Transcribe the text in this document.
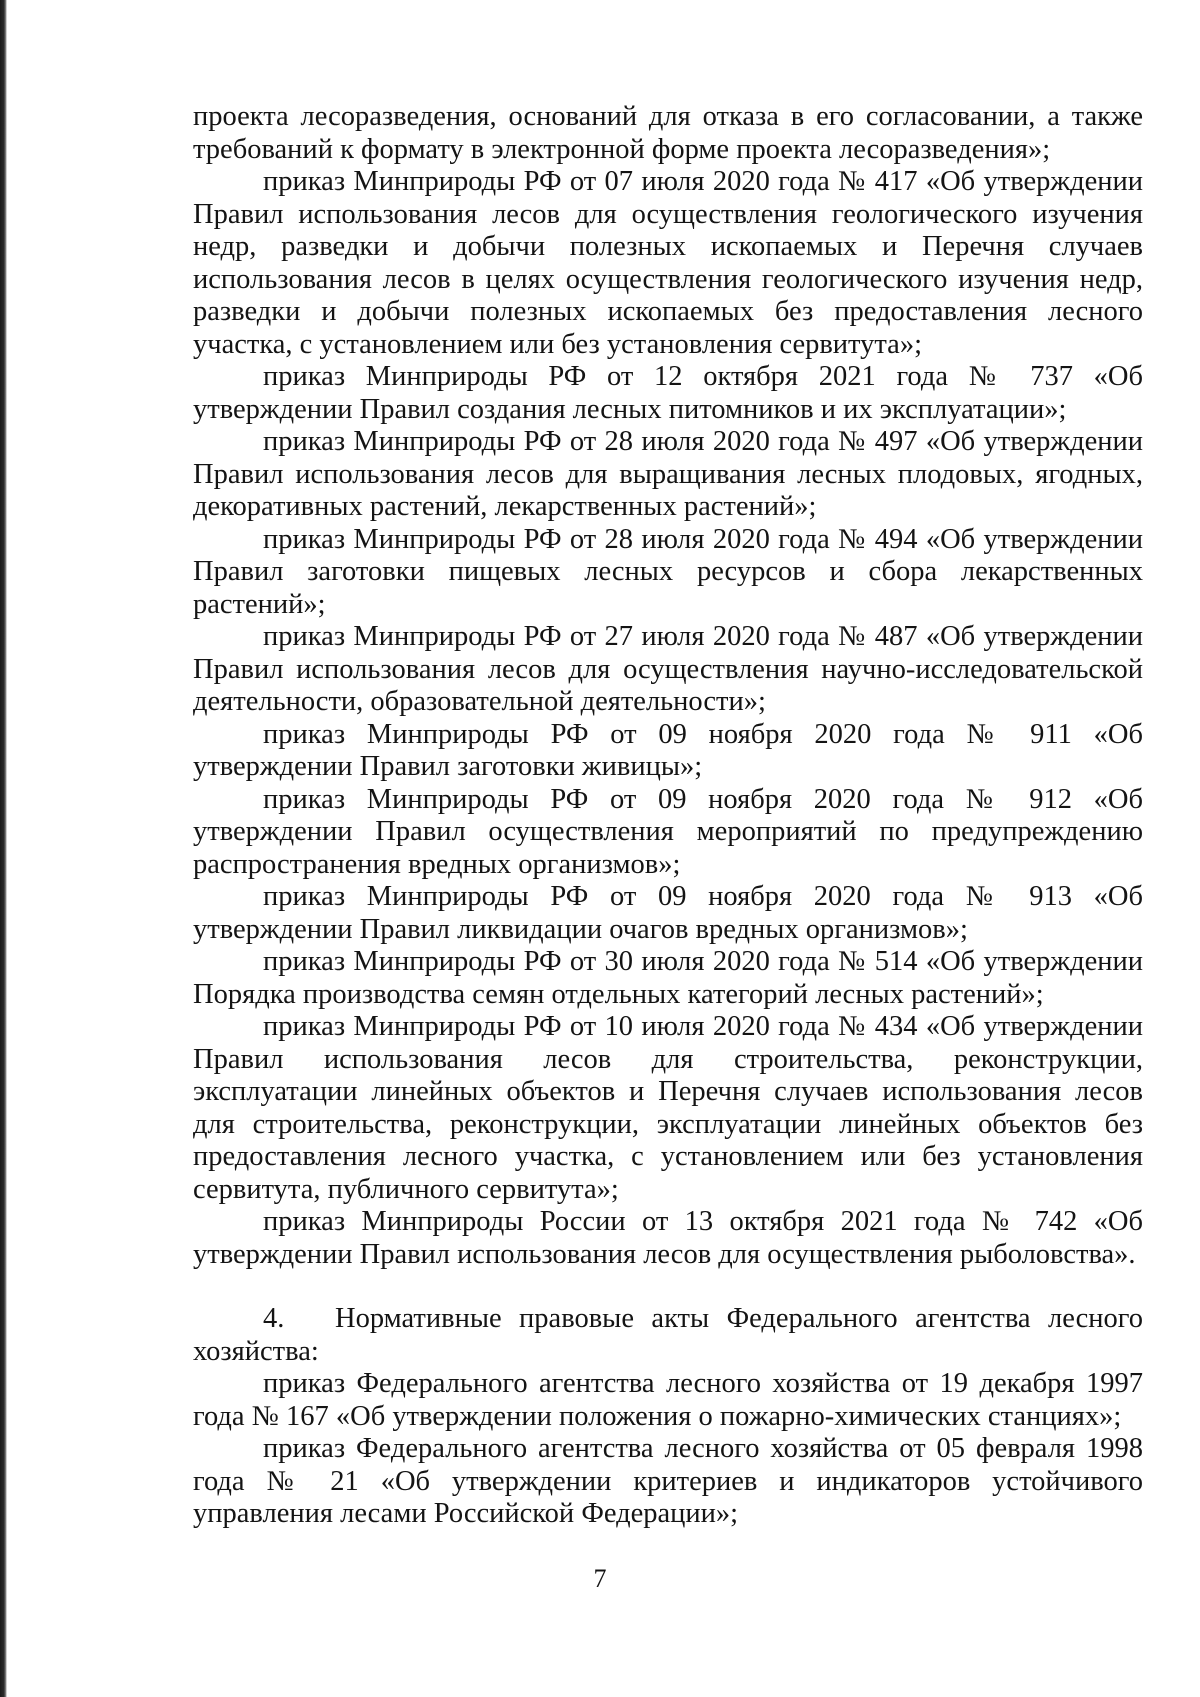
проекта лесоразведения, оснований для отказа в его согласовании, а также требований к формату в электронной форме проекта лесоразведения»;

приказ Минприроды РФ от 07 июля 2020 года № 417 «Об утверждении Правил использования лесов для осуществления геологического изучения недр, разведки и добычи полезных ископаемых и Перечня случаев использования лесов в целях осуществления геологического изучения недр, разведки и добычи полезных ископаемых без предоставления лесного участка, с установлением или без установления сервитута»;

приказ Минприроды РФ от 12 октября 2021 года № 737 «Об утверждении Правил создания лесных питомников и их эксплуатации»;

приказ Минприроды РФ от 28 июля 2020 года № 497 «Об утверждении Правил использования лесов для выращивания лесных плодовых, ягодных, декоративных растений, лекарственных растений»;

приказ Минприроды РФ от 28 июля 2020 года № 494 «Об утверждении Правил заготовки пищевых лесных ресурсов и сбора лекарственных растений»;

приказ Минприроды РФ от 27 июля 2020 года № 487 «Об утверждении Правил использования лесов для осуществления научно-исследовательской деятельности, образовательной деятельности»;

приказ Минприроды РФ от 09 ноября 2020 года № 911 «Об утверждении Правил заготовки живицы»;

приказ Минприроды РФ от 09 ноября 2020 года № 912 «Об утверждении Правил осуществления мероприятий по предупреждению распространения вредных организмов»;

приказ Минприроды РФ от 09 ноября 2020 года № 913 «Об утверждении Правил ликвидации очагов вредных организмов»;

приказ Минприроды РФ от 30 июля 2020 года № 514 «Об утверждении Порядка производства семян отдельных категорий лесных растений»;

приказ Минприроды РФ от 10 июля 2020 года № 434 «Об утверждении Правил использования лесов для строительства, реконструкции, эксплуатации линейных объектов и Перечня случаев использования лесов для строительства, реконструкции, эксплуатации линейных объектов без предоставления лесного участка, с установлением или без установления сервитута, публичного сервитута»;

приказ Минприроды России от 13 октября 2021 года № 742 «Об утверждении Правил использования лесов для осуществления рыболовства».

4. Нормативные правовые акты Федерального агентства лесного хозяйства:

приказ Федерального агентства лесного хозяйства от 19 декабря 1997 года № 167 «Об утверждении положения о пожарно-химических станциях»;

приказ Федерального агентства лесного хозяйства от 05 февраля 1998 года № 21 «Об утверждении критериев и индикаторов устойчивого управления лесами Российской Федерации»;

7
